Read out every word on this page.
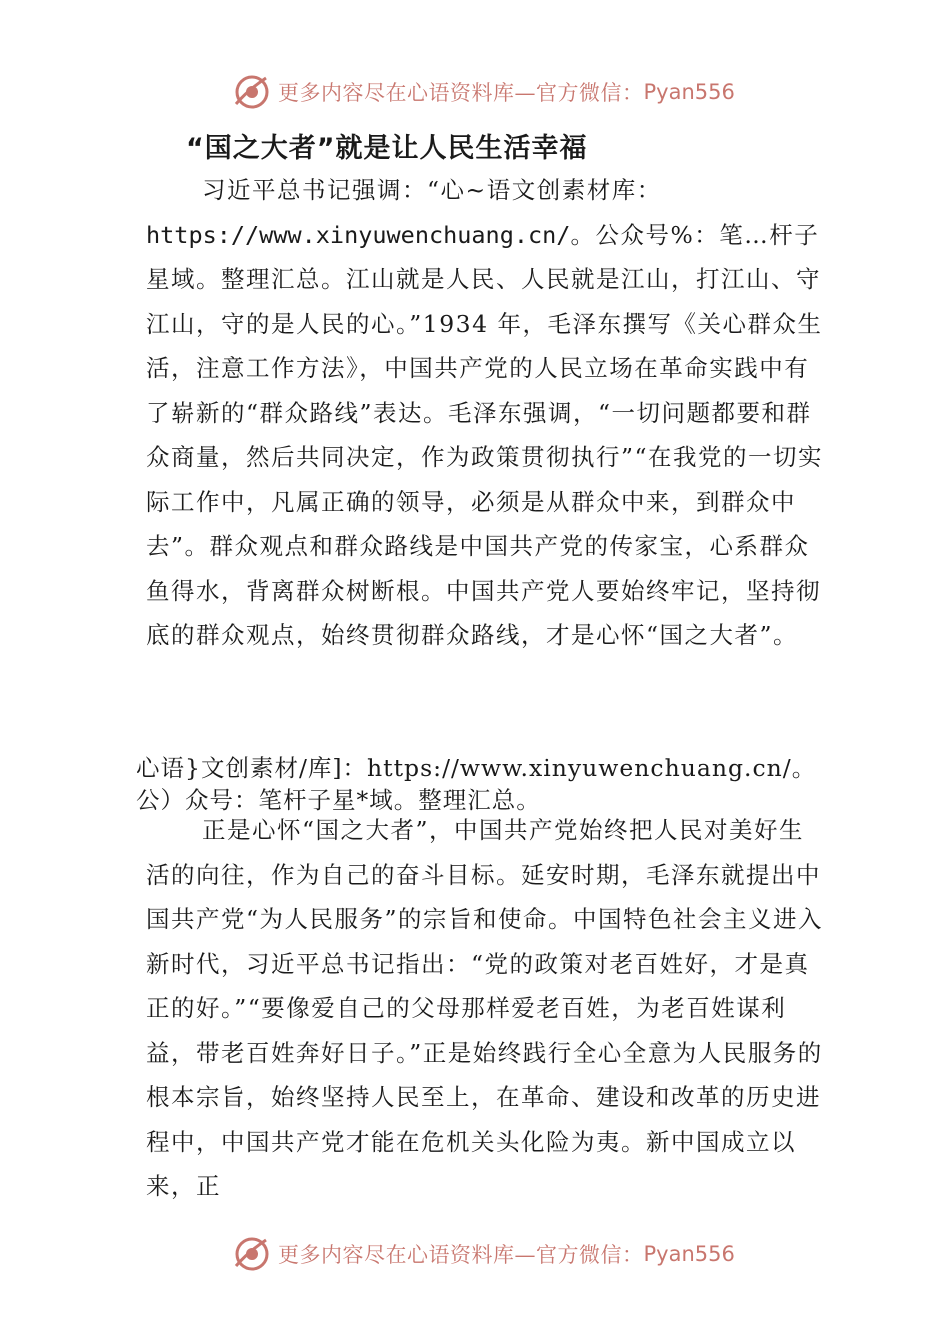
更多内容尽在心语资料库—官方微信： Pyan556
“国之大者”就是让人民生活幸福
习近平总书记强调：“心~语文创素材库：
https://www.xinyuwenchuang.cn/。公众号%：笔…杆子星域。整理汇总。江山就是人民、人民就是江山，打江山、守江山，守的是人民的心。”1934 年，毛泽东撰写《关心群众生活，注意工作方法》，中国共产党的人民立场在革命实践中有了崭新的“群众路线”表达。毛泽东强调，“一切问题都要和群众商量，然后共同决定，作为政策贯彻执行”“在我党的一切实际工作中，凡属正确的领导，必须是从群众中来，到群众中去”。群众观点和群众路线是中国共产党的传家宝，心系群众鱼得水，背离群众树断根。中国共产党人要始终牢记，坚持彻底的群众观点，始终贯彻群众路线，才是心怀“国之大者”。
心语}文创素材/库]：https://www.xinyuwenchuang.cn/。
公）众号：笔杆子星*域。整理汇总。
正是心怀“国之大者”，中国共产党始终把人民对美好生活的向往，作为自己的奋斗目标。延安时期，毛泽东就提出中国共产党“为人民服务”的宗旨和使命。中国特色社会主义进入新时代，习近平总书记指出：“党的政策对老百姓好，才是真正的好。”“要像爱自己的父母那样爱老百姓，为老百姓谋利益，带老百姓奔好日子。”正是始终践行全心全意为人民服务的根本宗旨，始终坚持人民至上，在革命、建设和改革的历史进程中，中国共产党才能在危机关头化险为夷。新中国成立以来，正
更多内容尽在心语资料库—官方微信： Pyan556
